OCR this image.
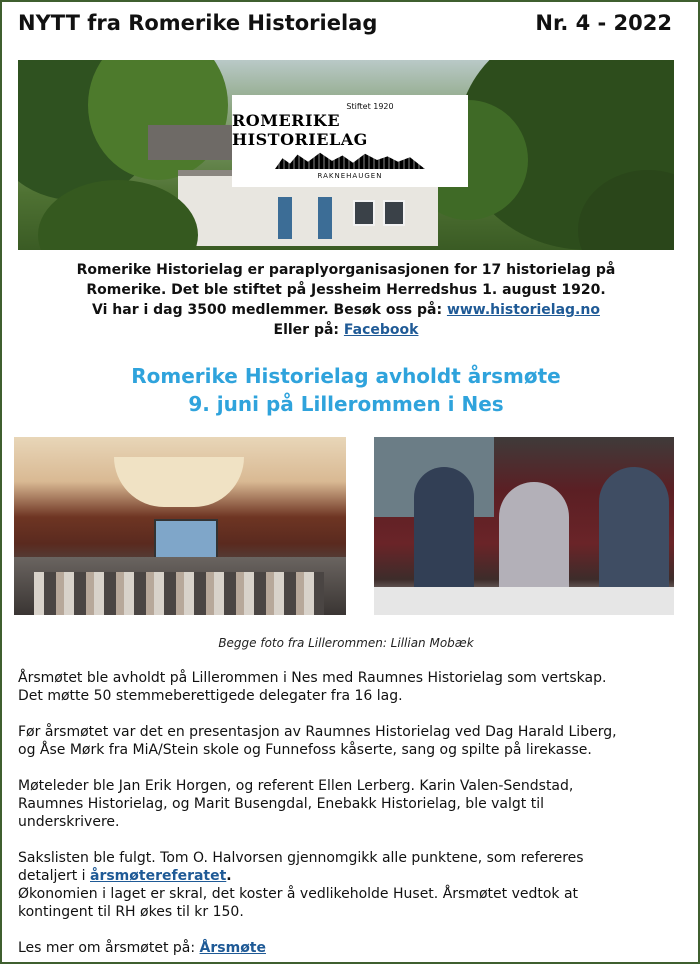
NYTT fra Romerike Historielag	Nr. 4 - 2022
Stiftet 1920
ROMERIKE HISTORIELAG
RAKNEHAUGEN
Romerike Historielag er paraplyorganisasjonen for 17 historielag på
Romerike. Det ble stiftet på Jessheim Herredshus 1. august 1920.
Vi har i dag 3500 medlemmer. Besøk oss på: www.historielag.no
Eller på: Facebook
Romerike Historielag avholdt årsmøte
9. juni på Lillerommen i Nes
Begge foto fra Lillerommen: Lillian Mobæk

Årsmøtet ble avholdt på Lillerommen i Nes med Raumnes Historielag som vertskap.
Det møtte 50 stemmeberettigede delegater fra 16 lag.

Før årsmøtet var det en presentasjon av Raumnes Historielag ved Dag Harald Liberg,
og Åse Mørk fra MiA/Stein skole og Funnefoss kåserte, sang og spilte på lirekasse.

Møteleder ble Jan Erik Horgen, og referent Ellen Lerberg. Karin Valen-Sendstad,
Raumnes Historielag, og Marit Busengdal, Enebakk Historielag, ble valgt til
underskrivere.

Sakslisten ble fulgt. Tom O. Halvorsen gjennomgikk alle punktene, som refereres
detaljert i årsmøtereferatet.
Økonomien i laget er skral, det koster å vedlikeholde Huset. Årsmøtet vedtok at
kontingent til RH økes til kr 150.

Les mer om årsmøtet på: Årsmøte
